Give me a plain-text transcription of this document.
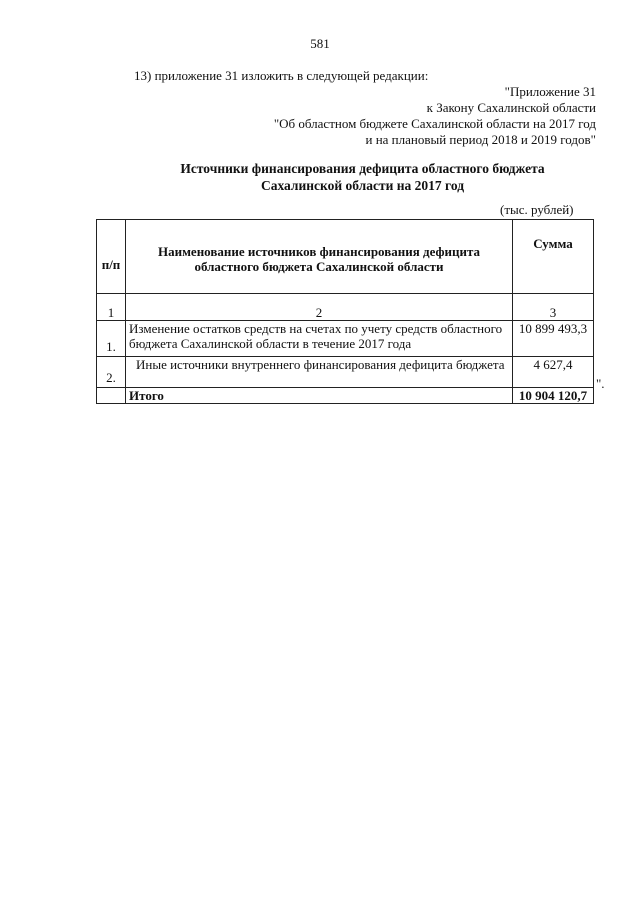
581
13) приложение 31 изложить в следующей редакции:
"Приложение 31
к Закону Сахалинской области
"Об областном бюджете Сахалинской области на 2017 год
и на плановый период 2018 и 2019 годов"
Источники финансирования дефицита областного бюджета
Сахалинской области на 2017 год
(тыс. рублей)
п/п	Наименование источников финансирования дефицита
областного бюджета Сахалинской области	Сумма
1	2	3
1.	Изменение остатков средств на счетах по учету средств областного
бюджета Сахалинской области в течение 2017 года	10 899 493,3
2.	Иные источники внутреннего финансирования дефицита бюджета	4 627,4
	Итого	10 904 120,7
".
